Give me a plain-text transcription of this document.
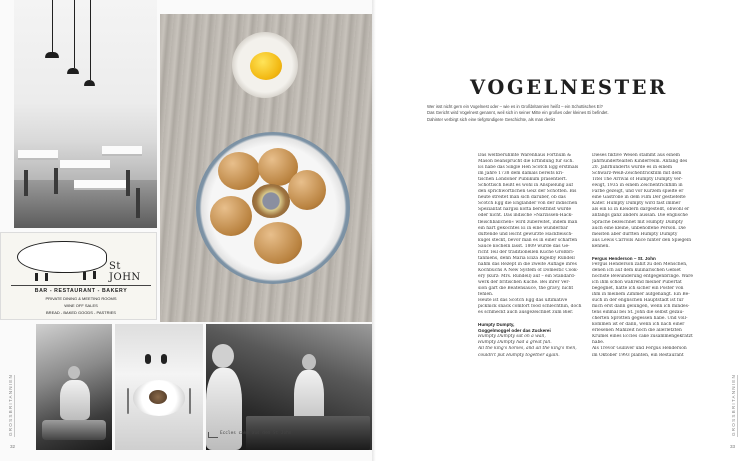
St JOHN
BAR - RESTAURANT - BAKERY
PRIVATE DINING & MEETING ROOMS
WINE OFF SALES
BREAD - BAKED GOODS - PASTRIES
Eccles cake aus dem St John
32
GROSSBRITANNIEN
VOGELNESTER

Wer isst nicht gern ein Vogelnest oder – wie es in Großbritannien heißt – ein Schottisches Ei?

Das Gericht wird Vogelnest genannt, weil sich in seiner Mitte ein großes oder kleines Ei befindet.

Dahinter verbirgt sich eine tiefgründigere Geschichte, als man denkt

Das weltberühmte Warenhaus Fortnum &

Mason beansprucht die Erfindung für sich.

Es habe das Single Hen Scotch Egg erstmals

im Jahre 1738 dem damals bereits kri-

tischen Londoner Publikum präsentiert.

Schottisch heißt es wohl in Anspielung auf

den sprichwörtlichen Geiz der Schotten. Bis

heute streitet man sich darüber, ob das

Scotch Egg die Engländer von der indischen

Spezialität nargisi kofta bereitfinst wurde

oder nicht. Das indische »Narzissen-Hack-

fleischbällchen« wird zubereitet, indem man

ein hart gekochtes Ei in eine wunderbar

duftende und leicht gewürzte Hackfleisch-

kugel steckt, bevor man es in einer scharfen

Sauce köcheln lässt. 1809 wurde das Ge-

richt Teil der traditionellen Küche Großbri-

tanniens, denn Maria Eliza Rigelby Rundell

nahm das Rezept in die zweite Auflage ihres

Kochbuchs A New System of Domestic Cook-

ery (kurz: Mrs. Rundell) auf – ein Standard-

werk der britischen Küche. Bei ihrer Ver-

sion gart die Beatensauce, the gravy, nicht

fehlen.

Heute ist das Scotch Egg das ultimative

picknick snack comfort food schlechthin, doch

es schmeckt auch ausgezeichnet zum Bier.

Humpty Dumpty,

Goggelmoggel oder das Zuckerei

Humpty Dumpty sat on a wall,

Humpty Dumpty had a great fall.

All the king's horses, and all the king's men,

couldn't put Humpty together again.

Dieses fiktive Wesen stammt aus einem

Jahrhundertealten Kinderreim. Anfang des

20. Jahrhunderts wurde es in einem

Schwarz-Weiß-Zeichentrickfilm mit dem

Titel The Arrival of Humpty Dumpty ver-

ewigt, 1935 in einem Zeichentrickfilm in

Farbe gezeigt, und vor Kurzem spielte er

eine Gastrolle in dem Film Der gestiefelte

Kater. Humpty Dumpty wird fast immer

als ein Ei in Kleidern dargestellt, obwohl er

anfangs ganz anders aussah. Die englische

Sprache bezeichnet mit Humpty Dumpty

auch eine kleine, unbeholfene Person. Die

meisten aber dürften Humpty Dumpty

aus Lewis Carrolls Alice hinter den Spiegeln

kennen.

Fergus Henderson – St. John

Fergus Henderson zählt zu den Menschen,

denen ich auf dem kulinarischen Gebiet

höchste Bewunderung entgegenbringe. Wäre

ich ihm schon während meiner Pubertät

begegnet, hätte ich sicher ein Poster von

ihm in meinem Zimmer aufgehängt. Ein Be-

such in der englischen Hauptstadt ist für

mich erst dann gelungen, wenn ich mindes-

tens einmal bei St. John die selbst gezau-

cherten Sprotten gegessen habe. Und voll-

kommen ist er dann, wenn ich nach einer

erlesenen Mahlzeit noch die allerletzten

Krümel eines Eccles cake zusammengekratzt

habe.

Als Trevor Gulliver und Fergus Henderson

im Oktober 1993 planten, ein Restaurant

33
GROSSBRITANNIEN
